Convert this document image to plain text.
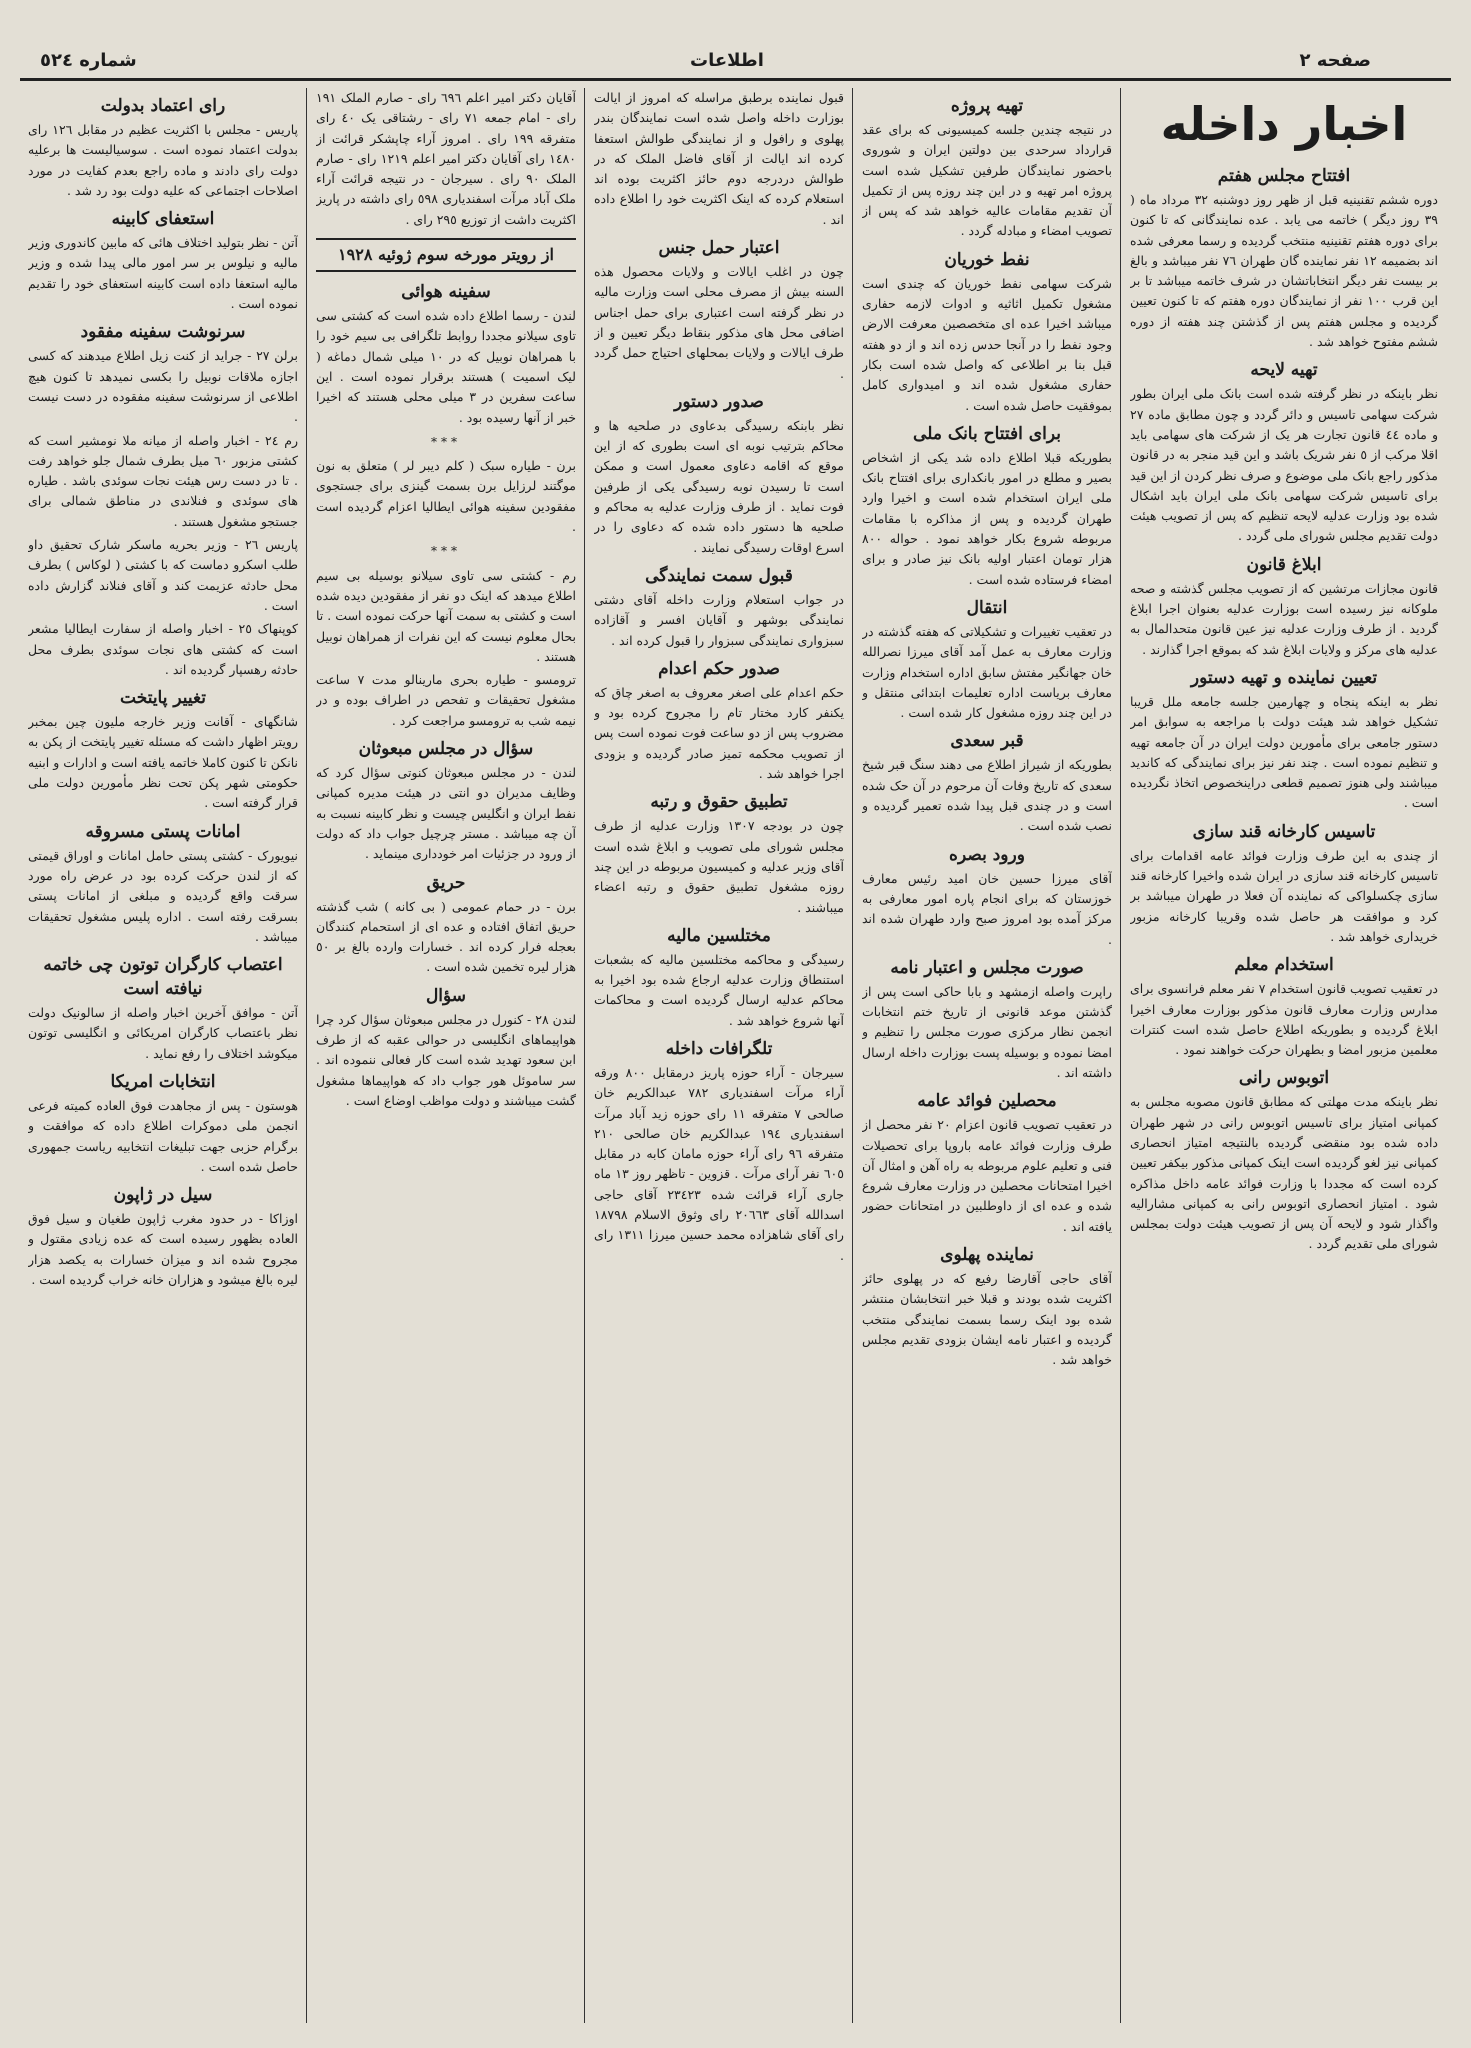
شماره ٥٢٤	اطلاعات	صفحه ٢
اخبار داخله
افتتاح مجلس هفتم

دوره ششم تقنینیه قبل از ظهر روز دوشنبه ٣٢ مرداد ماه ( ٣٩ روز دیگر ) خاتمه می یابد . عده نمایندگانی که تا کنون برای دوره هفتم تقنینیه منتخب گردیده و رسما معرفی شده اند بضمیمه ١٢ نفر نماینده گان طهران ٧٦ نفر میباشد و بالغ بر بیست نفر دیگر انتخاباتشان در شرف خاتمه میباشد تا بر این قرب ١٠٠ نفر از نمایندگان دوره هفتم که تا کنون تعیین گردیده و مجلس هفتم پس از گذشتن چند هفته از دوره ششم مفتوح خواهد شد .

تهیه لایحه

نظر باینکه در نظر گرفته شده است بانک ملی ایران بطور شرکت سهامی تاسیس و دائر گردد و چون مطابق ماده ٢٧ و ماده ٤٤ قانون تجارت هر یک از شرکت های سهامی باید اقلا مرکب از ٥ نفر شریک باشد و این قید منجر به در قانون مذکور راجع بانک ملی موضوع و صرف نظر کردن از این قید برای تاسیس شرکت سهامی بانک ملی ایران باید اشکال شده بود وزارت عدلیه لایحه تنظیم که پس از تصویب هیئت دولت تقدیم مجلس شورای ملی گردد .

ابلاغ قانون

قانون مجازات مرتشین که از تصویب مجلس گذشته و صحه ملوکانه نیز رسیده است بوزارت عدلیه بعنوان اجرا ابلاغ گردید . از طرف وزارت عدلیه نیز عین قانون متحدالمال به عدلیه های مرکز و ولایات ابلاغ شد که بموقع اجرا گذارند .

تعیین نماینده و تهیه دستور

نظر به اینکه پنجاه و چهارمین جلسه جامعه ملل قریبا تشکیل خواهد شد هیئت دولت با مراجعه به سوابق امر دستور جامعی برای مأمورین دولت ایران در آن جامعه تهیه و تنظیم نموده است . چند نفر نیز برای نمایندگی که کاندید میباشند ولی هنوز تصمیم قطعی دراینخصوص اتخاذ نگردیده است .

تاسیس کارخانه قند سازی

از چندی به این طرف وزارت فوائد عامه اقدامات برای تاسیس کارخانه قند سازی در ایران شده واخیرا کارخانه قند سازی چکسلواکی که نماینده آن فعلا در طهران میباشد بر کرد و موافقت هر حاصل شده وقریبا کارخانه مزبور خریداری خواهد شد .

استخدام معلم

در تعقیب تصویب قانون استخدام ٧ نفر معلم فرانسوی برای مدارس وزارت معارف قانون مذکور بوزارت معارف اخیرا ابلاغ گردیده و بطوریکه اطلاع حاصل شده است کنترات معلمین مزبور امضا و بطهران حرکت خواهند نمود .

اتوبوس رانی

نظر باینکه مدت مهلتی که مطابق قانون مصوبه مجلس به کمپانی امتیاز برای تاسیس اتوبوس رانی در شهر طهران داده شده بود منقضی گردیده بالنتیجه امتیاز انحصاری کمپانی نیز لغو گردیده است اینک کمپانی مذکور بیکفر تعیین کرده است که مجددا با وزارت فوائد عامه داخل مذاکره شود . امتیاز انحصاری اتوبوس رانی به کمپانی مشارالیه واگذار شود و لایحه آن پس از تصویب هیئت دولت بمجلس شورای ملی تقدیم گردد .

تهیه پروژه

در نتیجه چندین جلسه کمیسیونی که برای عقد قرارداد سرحدی بین دولتین ایران و شوروی باحضور نمایندگان طرفین تشکیل شده است پروژه امر تهیه و در این چند روزه پس از تکمیل آن تقدیم مقامات عالیه خواهد شد که پس از تصویب امضاء و مبادله گردد .

نفط خوریان

شرکت سهامی نفط خوریان که چندی است مشغول تکمیل اثاثیه و ادوات لازمه حفاری میباشد اخیرا عده ای متخصصین معرفت الارض وجود نفط را در آنجا حدس زده اند و از دو هفته قبل بنا بر اطلاعی که واصل شده است بکار حفاری مشغول شده اند و امیدواری کامل بموفقیت حاصل شده است .

برای افتتاح بانک ملی

بطوریکه قبلا اطلاع داده شد یکی از اشخاص بصیر و مطلع در امور بانکداری برای افتتاح بانک ملی ایران استخدام شده است و اخیرا وارد طهران گردیده و پس از مذاکره با مقامات مربوطه شروع بکار خواهد نمود . حواله ٨٠٠ هزار تومان اعتبار اولیه بانک نیز صادر و برای امضاء فرستاده شده است .

انتقال

در تعقیب تغییرات و تشکیلاتی که هفته گذشته در وزارت معارف به عمل آمد آقای میرزا نصرالله خان جهانگیر مفتش سابق اداره استخدام وزارت معارف بریاست اداره تعلیمات ابتدائی منتقل و در این چند روزه مشغول کار شده است .

قبر سعدی

بطوریکه از شیراز اطلاع می دهند سنگ قبر شیخ سعدی که تاریخ وفات آن مرحوم در آن حک شده است و در چندی قبل پیدا شده تعمیر گردیده و نصب شده است .

ورود بصره

آقای میرزا حسین خان امید رئیس معارف خوزستان که برای انجام پاره امور معارفی به مرکز آمده بود امروز صبح وارد طهران شده اند .

صورت مجلس و اعتبار نامه

راپرت واصله ازمشهد و بابا حاکی است پس از گذشتن موعد قانونی از تاریخ ختم انتخابات انجمن نظار مرکزی صورت مجلس را تنظیم و امضا نموده و بوسیله پست بوزارت داخله ارسال داشته اند .

محصلین فوائد عامه

در تعقیب تصویب قانون اعزام ٢٠ نفر محصل از طرف وزارت فوائد عامه باروپا برای تحصیلات فنی و تعلیم علوم مربوطه به راه آهن و امثال آن اخیرا امتحانات محصلین در وزارت معارف شروع شده و عده ای از داوطلبین در امتحانات حضور یافته اند .

نماینده پهلوی

آقای حاجی آقارضا رفیع که در پهلوی حائز اکثریت شده بودند و قبلا خبر انتخابشان منتشر شده بود اینک رسما بسمت نمایندگی منتخب گردیده و اعتبار نامه ایشان بزودی تقدیم مجلس خواهد شد .

قبول نماینده برطبق مراسله که امروز از ایالت بوزارت داخله واصل شده است نمایندگان بندر پهلوی و رافول و از نمایندگی طوالش استعفا کرده اند ایالت از آقای فاضل الملک که در طوالش دردرجه دوم حائز اکثریت بوده اند استعلام کرده که اینک اکثریت خود را اطلاع داده اند .

اعتبار حمل جنس

چون در اغلب ایالات و ولایات محصول هذه السنه بیش از مصرف محلی است وزارت مالیه در نظر گرفته است اعتباری برای حمل اجناس اضافی محل های مذکور بنقاط دیگر تعیین و از طرف ایالات و ولایات بمحلهای احتیاج حمل گردد .

صدور دستور

نظر بابنکه رسیدگی بدعاوی در صلحیه ها و محاکم بترتیب نوبه ای است بطوری که از این موقع که اقامه دعاوی معمول است و ممکن است تا رسیدن نوبه رسیدگی یکی از طرفین فوت نماید . از طرف وزارت عدلیه به محاکم و صلحیه ها دستور داده شده که دعاوی را در اسرع اوقات رسیدگی نمایند .

قبول سمت نمایندگی

در جواب استعلام وزارت داخله آقای دشتی نمایندگی بوشهر و آقایان افسر و آقازاده سبزواری نمایندگی سبزوار را قبول کرده اند .

صدور حکم اعدام

حکم اعدام علی اصغر معروف به اصغر چاق که یکنفر کارد مختار تام را مجروح کرده بود و مضروب پس از دو ساعت فوت نموده است پس از تصویب محکمه تمیز صادر گردیده و بزودی اجرا خواهد شد .

تطبیق حقوق و رتبه

چون در بودجه ١٣٠٧ وزارت عدلیه از طرف مجلس شورای ملی تصویب و ابلاغ شده است آقای وزیر عدلیه و کمیسیون مربوطه در این چند روزه مشغول تطبیق حقوق و رتبه اعضاء میباشند .

مختلسین مالیه

رسیدگی و محاکمه مختلسین مالیه که بشعبات استنطاق وزارت عدلیه ارجاع شده بود اخیرا به محاکم عدلیه ارسال گردیده است و محاکمات آنها شروع خواهد شد .

تلگرافات داخله

سیرجان - آراء حوزه پاریز درمقابل ٨٠٠ ورقه آراء مرآت اسفندیاری ٧٨٢ عبدالکریم خان صالحی ٧ متفرقه ١١ رای حوزه زید آباد مرآت اسفندیاری ١٩٤ عبدالکریم خان صالحی ٢١٠ متفرقه ٩٦ رای آراء حوزه مامان کابه در مقابل ٦٠٥ نفر آرای مرآت . قزوین - تاظهر روز ١٣ ماه جاری آراء قرائت شده ٢٣٤٢٣ آقای حاجی اسدالله آقای ٢٠٦٦٣ رای وثوق الاسلام ١٨٧٩٨ رای آقای شاهزاده محمد حسین میرزا ١٣١١ رای .

آقایان دکتر امیر اعلم ٦٩٦ رای - صارم الملک ١٩١ رای - امام جمعه ٧١ رای - رشتاقی یک ٤٠ رای متفرقه ١٩٩ رای . امروز آراء چاپشکر قرائت از ١٤٨٠ رای آقایان دکتر امیر اعلم ١٢١٩ رای - صارم الملک ٩٠ رای . سیرجان - در نتیجه قرائت آراء ملک آباد مرآت اسفندیاری ٥٩٨ رای داشته در پاریز اکثریت داشت از توزیع ٢٩٥ رای .

از رویتر مورخه سوم ژوئیه ١٩٢٨
سفینه هوائی

لندن - رسما اطلاع داده شده است که کشتی سی تاوی سیلانو مجددا روابط تلگرافی بی سیم خود را با همراهان نوبیل که در ١٠ میلی شمال دماغه ( لیک اسمیت ) هستند برقرار نموده است . این ساعت سفرین در ٣ میلی محلی هستند که اخیرا خبر از آنها رسیده بود .

***

برن - طیاره سبک ( کلم دیبر لر ) متعلق به نون موگتند لرزایل برن بسمت گینزی برای جستجوی مفقودین سفینه هوائی ایطالیا اعزام گردیده است .

***

رم - کشتی سی تاوی سیلانو بوسیله بی سیم اطلاع میدهد که اینک دو نفر از مفقودین دیده شده است و کشتی به سمت آنها حرکت نموده است . تا بحال معلوم نیست که این نفرات از همراهان نوبیل هستند .

ترومسو - طیاره بحری مارینالو مدت ٧ ساعت مشغول تحقیقات و تفحص در اطراف بوده و در نیمه شب به ترومسو مراجعت کرد .

سؤال در مجلس مبعوثان

لندن - در مجلس مبعوثان کنوتی سؤال کرد که وظایف مدیران دو انتی در هیئت مدیره کمپانی نفط ایران و انگلیس چیست و نظر کابینه نسبت به آن چه میباشد . مستر چرچیل جواب داد که دولت از ورود در جزئیات امر خودداری مینماید .

حریق

برن - در حمام عمومی ( بی کانه ) شب گذشته حریق اتفاق افتاده و عده ای از استحمام کنندگان بعجله فرار کرده اند . خسارات وارده بالغ بر ٥٠ هزار لیره تخمین شده است .

سؤال

لندن ٢٨ - کنورل در مجلس مبعوثان سؤال کرد چرا هواپیماهای انگلیسی در حوالی عقبه که از طرف ابن سعود تهدید شده است کار فعالی ننموده اند . سر ساموئل هور جواب داد که هواپیماها مشغول گشت میباشند و دولت مواظب اوضاع است .

رای اعتماد بدولت

پاریس - مجلس با اکثریت عظیم در مقابل ١٢٦ رای بدولت اعتماد نموده است . سوسیالیست ها برعلیه دولت رای دادند و ماده راجع بعدم کفایت در مورد اصلاحات اجتماعی که علیه دولت بود رد شد .

استعفای کابینه

آتن - نظر بتولید اختلاف هائی که مابین کاندوری وزیر مالیه و نیلوس بر سر امور مالی پیدا شده و وزیر مالیه استعفا داده است کابینه استعفای خود را تقدیم نموده است .

سرنوشت سفینه مفقود

برلن ٢٧ - جراید از کنت زیل اطلاع میدهند که کسی اجازه ملاقات نوبیل را بکسی نمیدهد تا کنون هیچ اطلاعی از سرنوشت سفینه مفقوده در دست نیست .

رم ٢٤ - اخبار واصله از میانه ملا نومشیر است که کشتی مزبور ٦٠ میل بطرف شمال جلو خواهد رفت . تا در دست رس هیئت نجات سوئدی باشد . طیاره های سوئدی و فنلاندی در مناطق شمالی برای جستجو مشغول هستند .

پاریس ٢٦ - وزیر بحریه ماسکر شارک تحقیق داو طلب اسکرو دماست که با کشتی ( لوکاس ) بطرف محل حادثه عزیمت کند و آقای فنلاند گزارش داده است .

کوپنهاک ٢٥ - اخبار واصله از سفارت ایطالیا مشعر است که کشتی های نجات سوئدی بطرف محل حادثه رهسپار گردیده اند .

تغییر پایتخت

شانگهای - آقانت وزیر خارجه ملیون چین بمخبر رویتر اظهار داشت که مسئله تغییر پایتخت از پکن به نانکن تا کنون کاملا خاتمه یافته است و ادارات و ابنیه حکومتی شهر پکن تحت نظر مأمورین دولت ملی قرار گرفته است .

امانات پستی مسروقه

نیویورک - کشتی پستی حامل امانات و اوراق قیمتی که از لندن حرکت کرده بود در عرض راه مورد سرقت واقع گردیده و مبلغی از امانات پستی بسرقت رفته است . اداره پلیس مشغول تحقیقات میباشد .

اعتصاب کارگران توتون چی خاتمه نیافته است

آتن - موافق آخرین اخبار واصله از سالونیک دولت نظر باعتصاب کارگران امریکائی و انگلیسی توتون میکوشد اختلاف را رفع نماید .

انتخابات امریکا

هوستون - پس از مجاهدت فوق العاده کمیته فرعی انجمن ملی دموکرات اطلاع داده که موافقت و برگرام حزبی جهت تبلیغات انتخابیه ریاست جمهوری حاصل شده است .

سیل در ژاپون

اوزاکا - در حدود مغرب ژاپون طغیان و سیل فوق العاده بظهور رسیده است که عده زیادی مقتول و مجروح شده اند و میزان خسارات به یکصد هزار لیره بالغ میشود و هزاران خانه خراب گردیده است .
